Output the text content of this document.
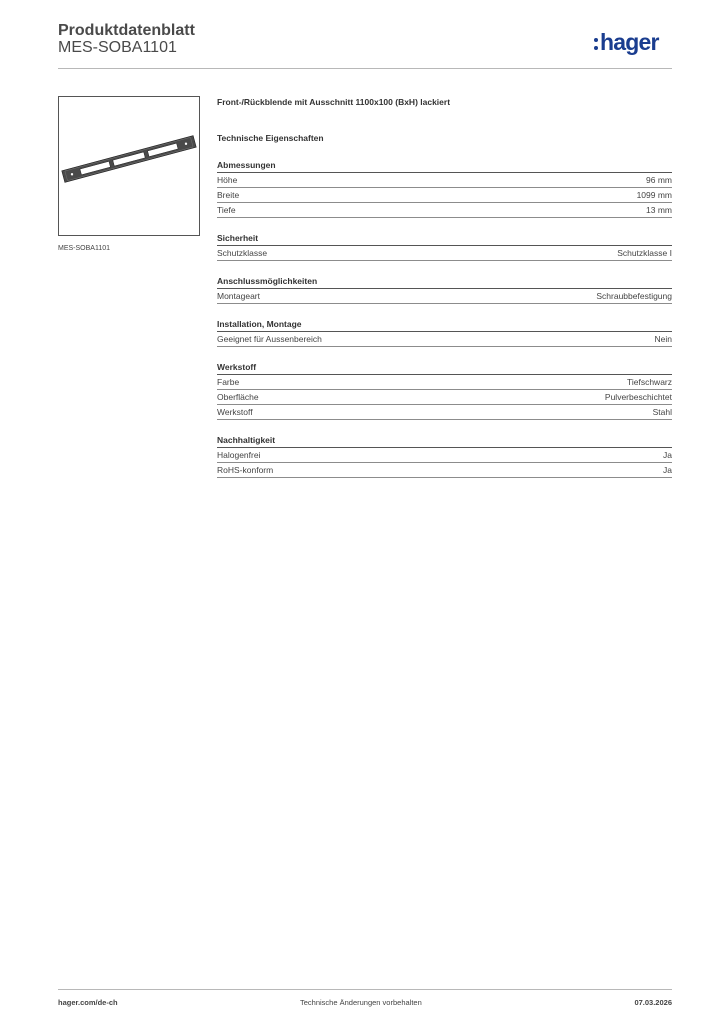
Produktdatenblatt
MES-SOBA1101	hager
MES-SOBA1101
Front-/Rückblende mit Ausschnitt 1100x100 (BxH) lackiert
Technische Eigenschaften
Abmessungen
Höhe	96 mm
Breite	1099 mm
Tiefe	13 mm
Sicherheit
Schutzklasse	Schutzklasse I
Anschlussmöglichkeiten
Montageart	Schraubbefestigung
Installation, Montage
Geeignet für Aussenbereich	Nein
Werkstoff
Farbe	Tiefschwarz
Oberfläche	Pulverbeschichtet
Werkstoff	Stahl
Nachhaltigkeit
Halogenfrei	Ja
RoHS-konform	Ja
hager.com/de-ch	Technische Änderungen vorbehalten	07.03.2026
